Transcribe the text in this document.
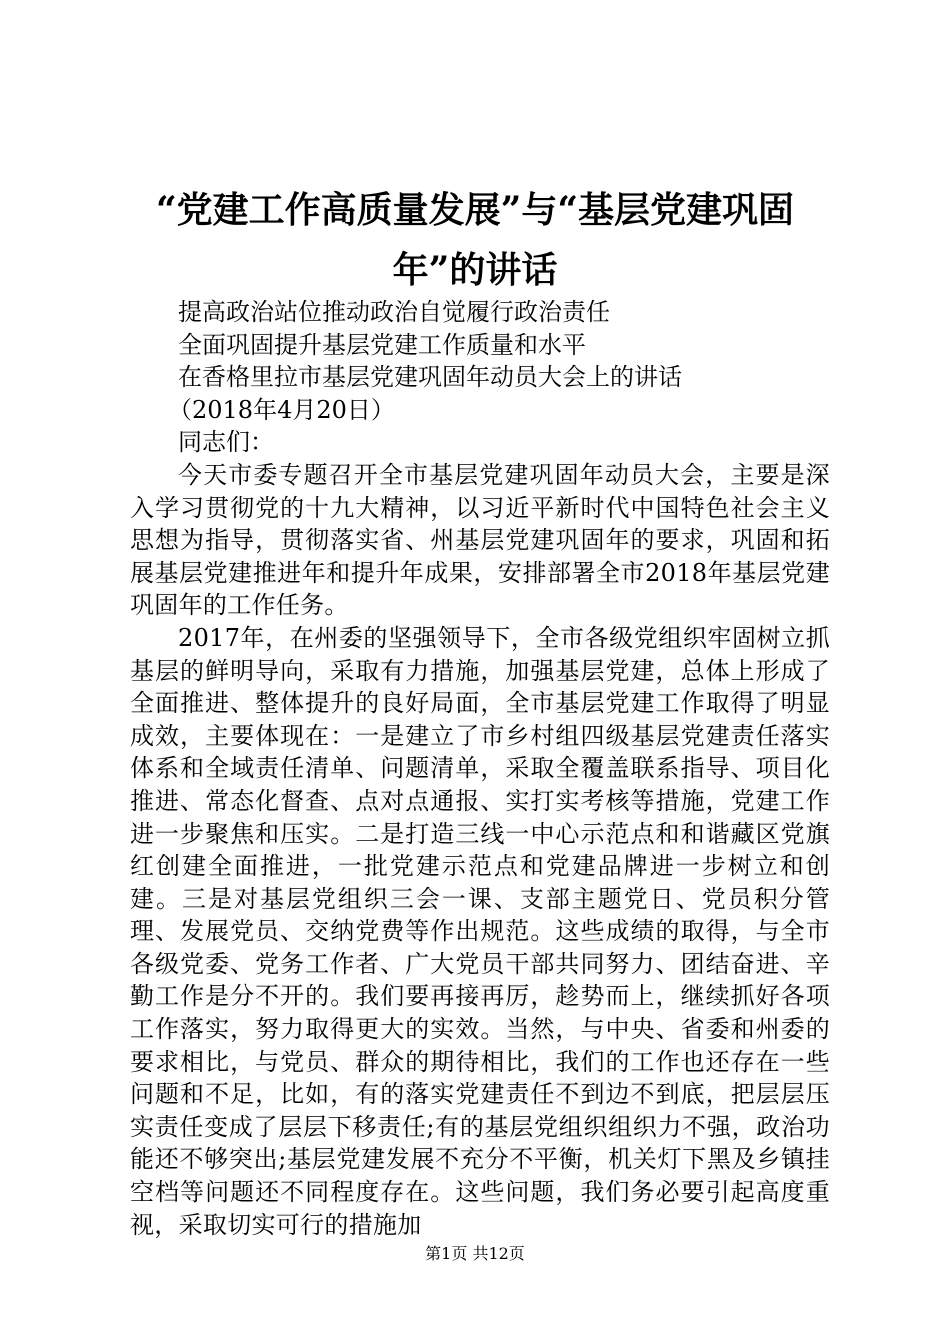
“党建工作高质量发展”与“基层党建巩固
年”的讲话

提高政治站位推动政治自觉履行政治责任

全面巩固提升基层党建工作质量和水平

在香格里拉市基层党建巩固年动员大会上的讲话

（2018年4月20日）

同志们：

今天市委专题召开全市基层党建巩固年动员大会，主要是深入学习贯彻党的十九大精神，以习近平新时代中国特色社会主义思想为指导，贯彻落实省、州基层党建巩固年的要求，巩固和拓展基层党建推进年和提升年成果，安排部署全市2018年基层党建巩固年的工作任务。

2017年，在州委的坚强领导下，全市各级党组织牢固树立抓基层的鲜明导向，采取有力措施，加强基层党建，总体上形成了全面推进、整体提升的良好局面，全市基层党建工作取得了明显成效，主要体现在：一是建立了市乡村组四级基层党建责任落实体系和全域责任清单、问题清单，采取全覆盖联系指导、项目化推进、常态化督查、点对点通报、实打实考核等措施，党建工作进一步聚焦和压实。二是打造三线一中心示范点和和谐藏区党旗红创建全面推进，一批党建示范点和党建品牌进一步树立和创建。三是对基层党组织三会一课、支部主题党日、党员积分管理、发展党员、交纳党费等作出规范。这些成绩的取得，与全市各级党委、党务工作者、广大党员干部共同努力、团结奋进、辛勤工作是分不开的。我们要再接再厉，趁势而上，继续抓好各项工作落实，努力取得更大的实效。当然，与中央、省委和州委的要求相比，与党员、群众的期待相比，我们的工作也还存在一些问题和不足，比如，有的落实党建责任不到边不到底，把层层压实责任变成了层层下移责任;有的基层党组织组织力不强，政治功能还不够突出;基层党建发展不充分不平衡，机关灯下黑及乡镇挂空档等问题还不同程度存在。这些问题，我们务必要引起高度重视，采取切实可行的措施加

第1页 共12页
